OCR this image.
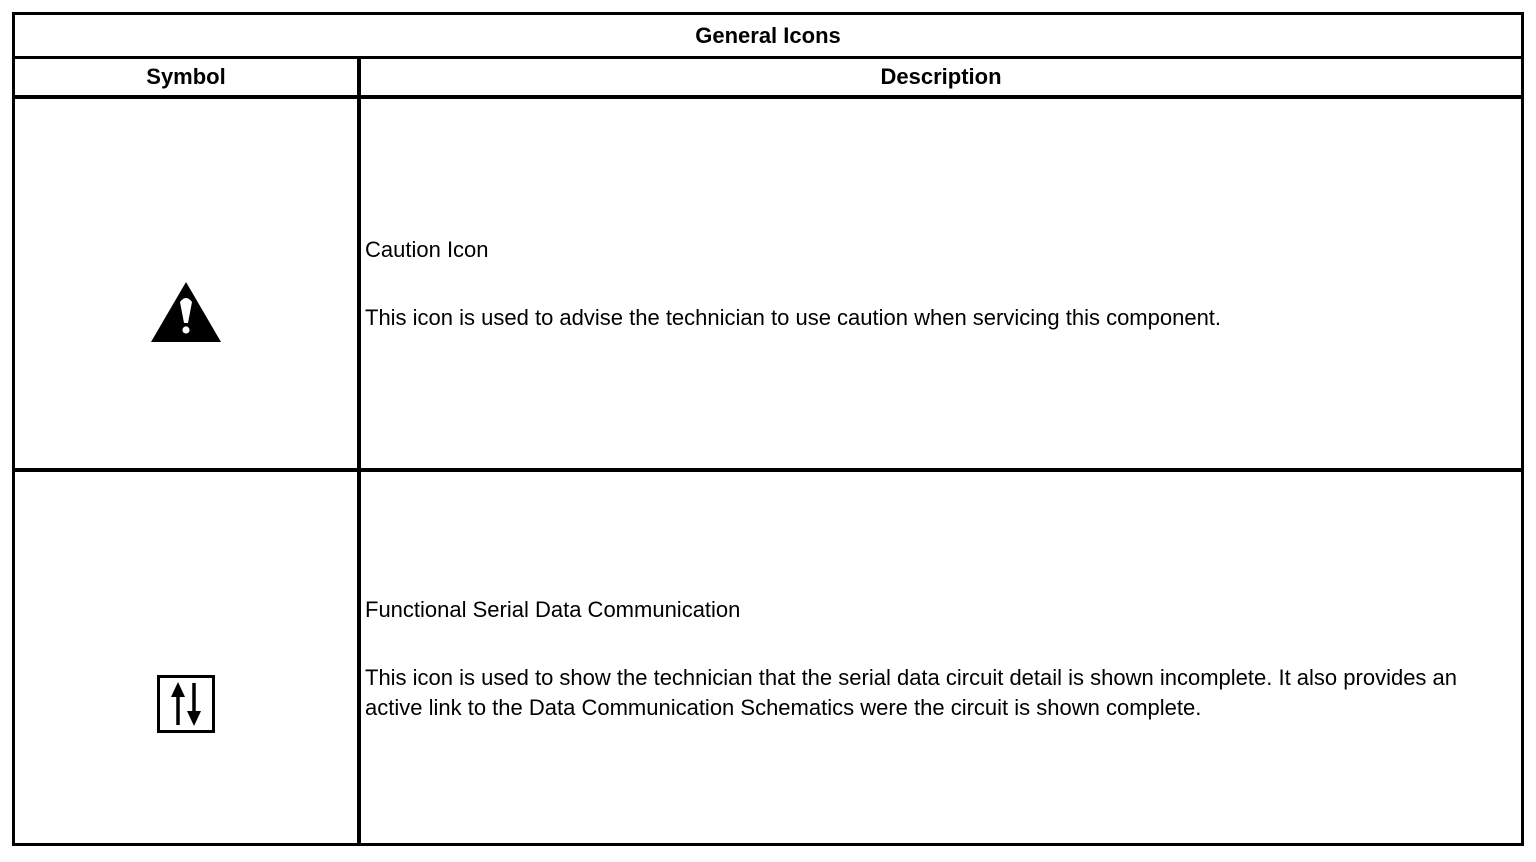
General Icons
Symbol	Description

Caution Icon

This icon is used to advise the technician to use caution when servicing this component.

Functional Serial Data Communication

This icon is used to show the technician that the serial data circuit detail is shown incomplete. It also provides an active link to the Data Communication Schematics were the circuit is shown complete.
